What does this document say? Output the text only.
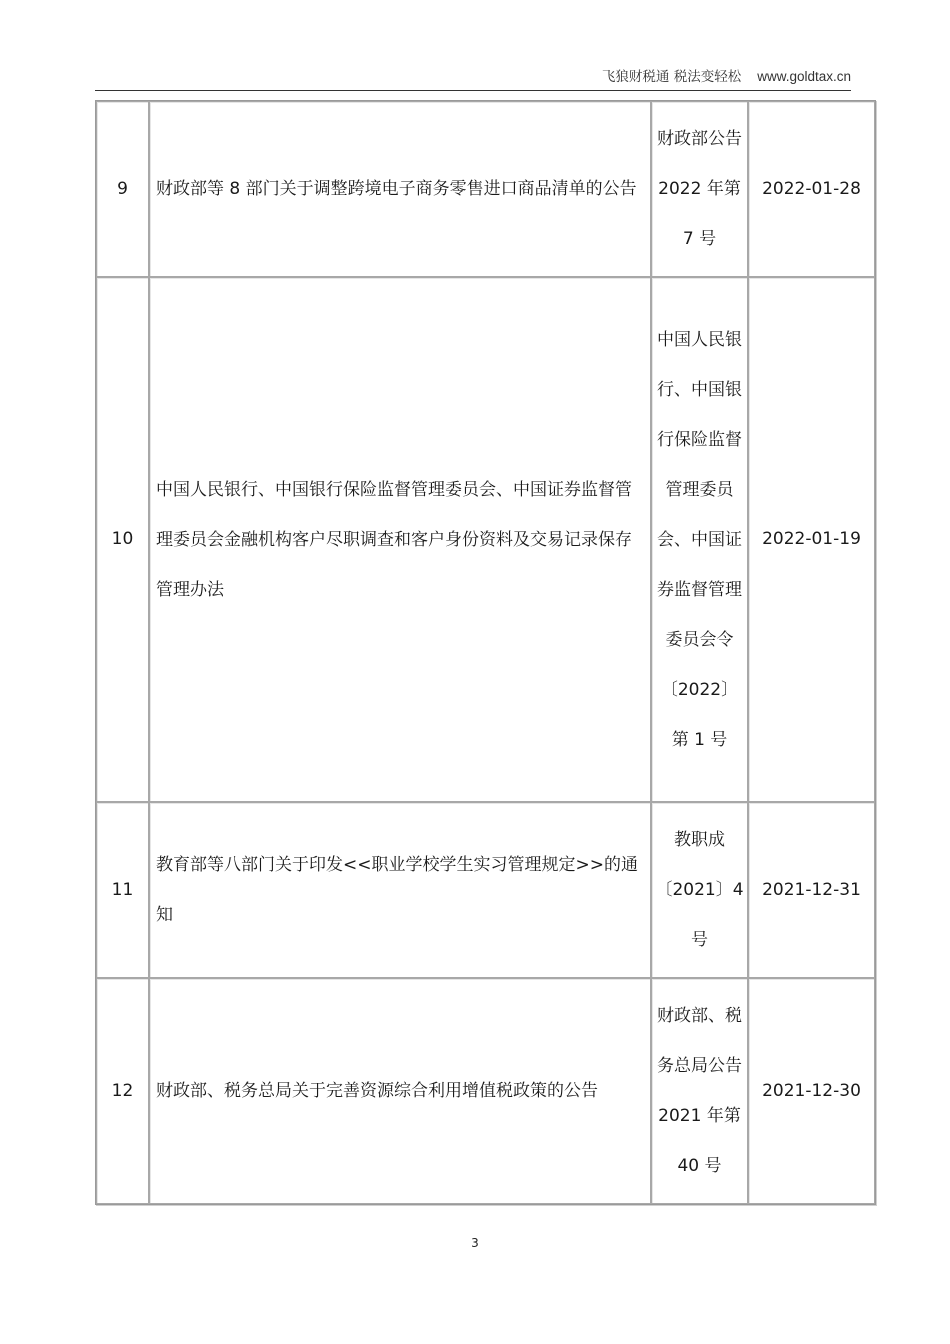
飞狼财税通 税法变轻松 www.goldtax.cn
9	财政部等 8 部门关于调整跨境电子商务零售进口商品清单的公告	财政部公告 2022 年第 7 号	2022-01-28
10	中国人民银行、中国银行保险监督管理委员会、中国证券监督管理委员会金融机构客户尽职调查和客户身份资料及交易记录保存管理办法	中国人民银行、中国银行保险监督管理委员会、中国证券监督管理委员会令〔2022〕第 1 号	2022-01-19
11	教育部等八部门关于印发<<职业学校学生实习管理规定>>的通知	教职成〔2021〕4 号	2021-12-31
12	财政部、税务总局关于完善资源综合利用增值税政策的公告	财政部、税务总局公告 2021 年第 40 号	2021-12-30
3
